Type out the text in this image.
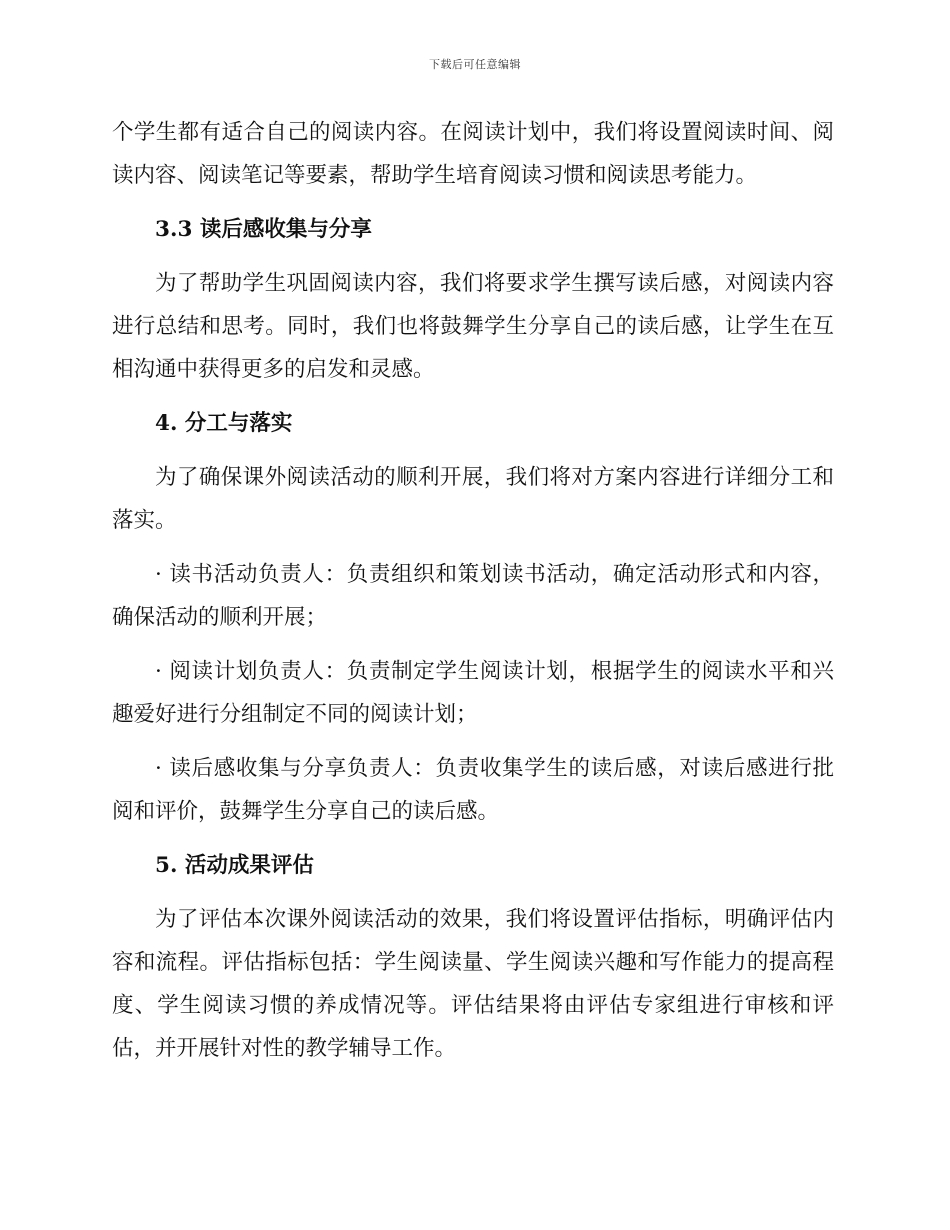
下载后可任意编辑

个学生都有适合自己的阅读内容。在阅读计划中，我们将设置阅读时间、阅读内容、阅读笔记等要素，帮助学生培育阅读习惯和阅读思考能力。

3.3 读后感收集与分享

为了帮助学生巩固阅读内容，我们将要求学生撰写读后感，对阅读内容进行总结和思考。同时，我们也将鼓舞学生分享自己的读后感，让学生在互相沟通中获得更多的启发和灵感。

4. 分工与落实

为了确保课外阅读活动的顺利开展，我们将对方案内容进行详细分工和落实。

· 读书活动负责人：负责组织和策划读书活动，确定活动形式和内容，确保活动的顺利开展；

· 阅读计划负责人：负责制定学生阅读计划，根据学生的阅读水平和兴趣爱好进行分组制定不同的阅读计划；

· 读后感收集与分享负责人：负责收集学生的读后感，对读后感进行批阅和评价，鼓舞学生分享自己的读后感。

5. 活动成果评估

为了评估本次课外阅读活动的效果，我们将设置评估指标，明确评估内容和流程。评估指标包括：学生阅读量、学生阅读兴趣和写作能力的提高程度、学生阅读习惯的养成情况等。评估结果将由评估专家组进行审核和评估，并开展针对性的教学辅导工作。
